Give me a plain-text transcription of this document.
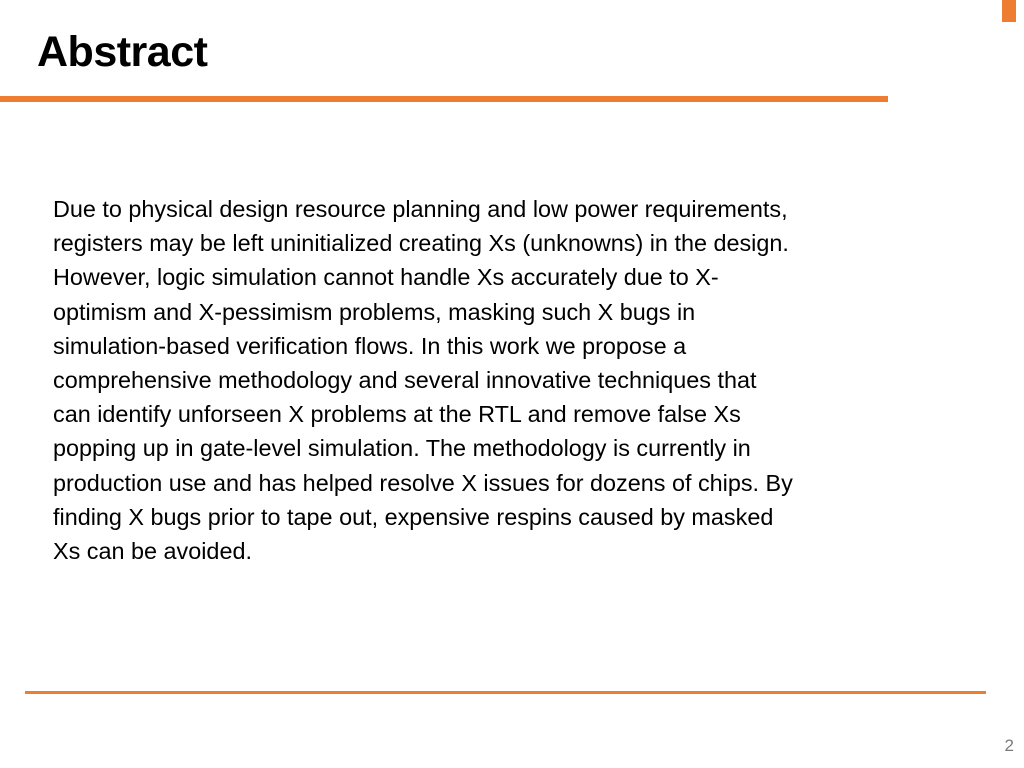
Abstract

Due to physical design resource planning and low power requirements,
registers may be left uninitialized creating Xs (unknowns) in the design.
However, logic simulation cannot handle Xs accurately due to X-
optimism and X-pessimism problems, masking such X bugs in
simulation-based verification flows. In this work we propose a
comprehensive methodology and several innovative techniques that
can identify unforseen X problems at the RTL and remove false Xs
popping up in gate-level simulation. The methodology is currently in
production use and has helped resolve X issues for dozens of chips. By
finding X bugs prior to tape out, expensive respins caused by masked
Xs can be avoided.

2
